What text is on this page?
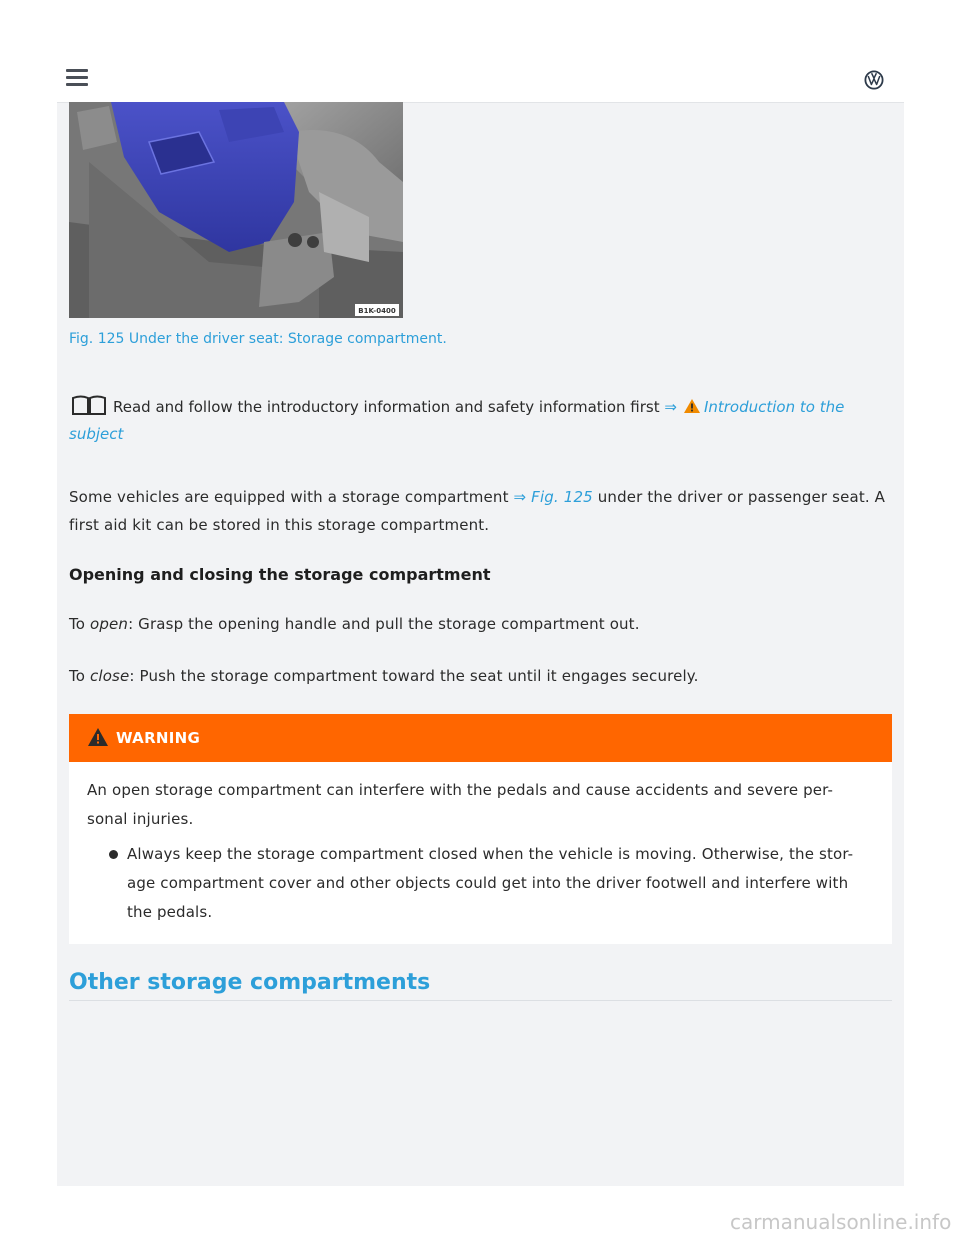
B1K-0400
Fig. 125 Under the driver seat: Storage compartment.
Read and follow the introductory information and safety information first ⇒ Introduction to the subject
Some vehicles are equipped with a storage compartment ⇒ Fig. 125 under the driver or passenger seat. A first aid kit can be stored in this storage compartment.
Opening and closing the storage compartment
To open: Grasp the opening handle and pull the storage compartment out.
To close: Push the storage compartment toward the seat until it engages securely.
WARNING
An open storage compartment can interfere with the pedals and cause accidents and severe per-sonal injuries.
Always keep the storage compartment closed when the vehicle is moving. Otherwise, the stor-age compartment cover and other objects could get into the driver footwell and interfere with the pedals.
Other storage compartments
carmanualsonline.info
